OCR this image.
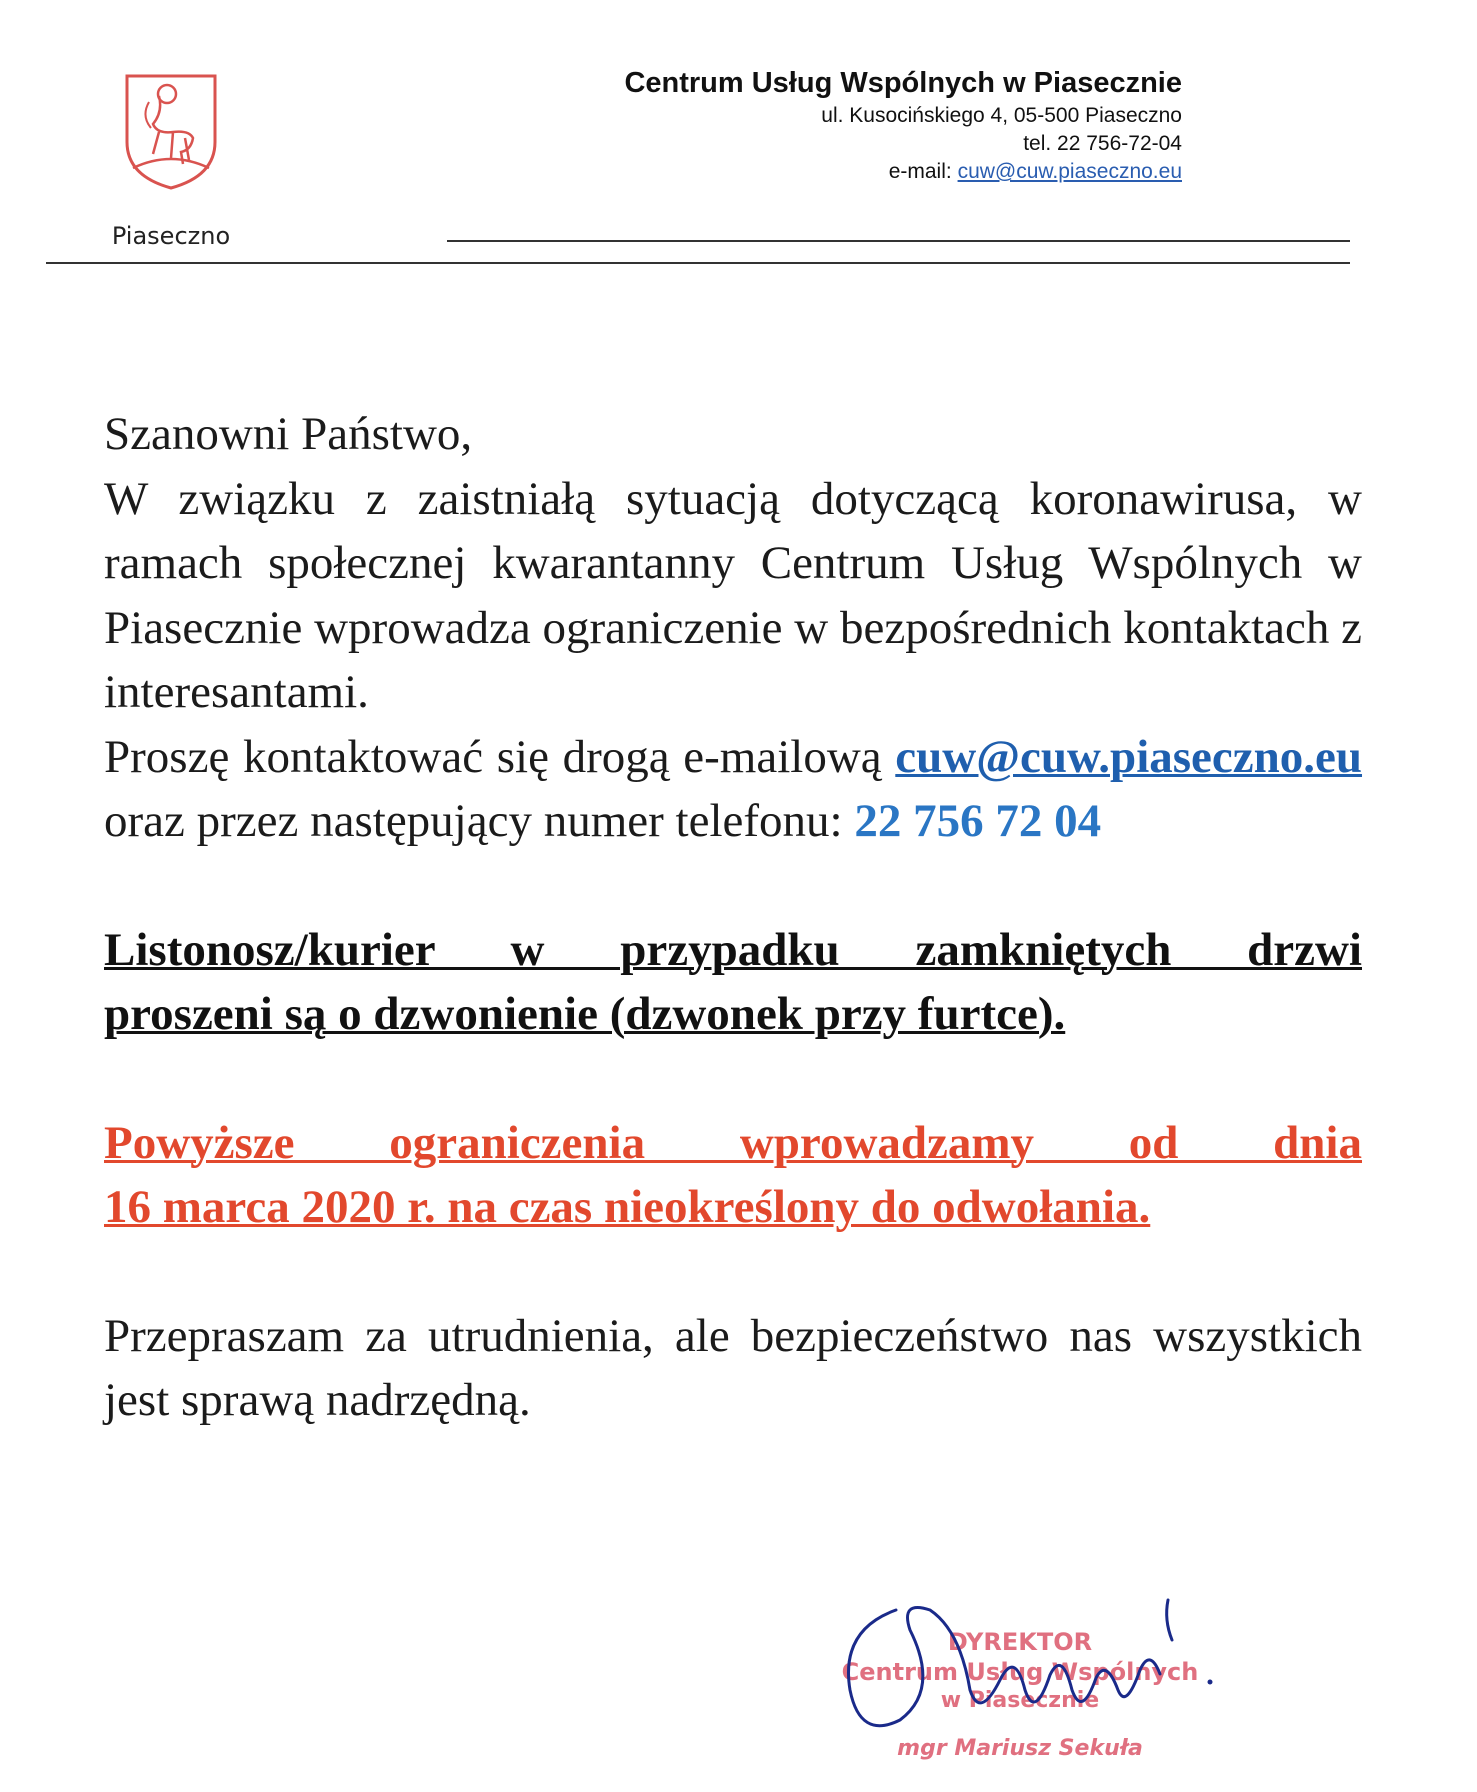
Piaseczno
Centrum Usług Wspólnych w Piasecznie
ul. Kusocińskiego 4, 05-500 Piaseczno
tel. 22 756-72-04
e-mail: cuw@cuw.piaseczno.eu

Szanowni Państwo,

W związku z zaistniałą sytuacją dotyczącą koronawirusa, w ramach społecznej kwarantanny Centrum Usług Wspólnych w Piasecznie wprowadza ograniczenie w bezpośrednich kontaktach z interesantami.

Proszę kontaktować się drogą e-mailową cuw@cuw.piaseczno.eu oraz przez następujący numer telefonu: 22 756 72 04

Listonosz/kurier w przypadku zamkniętych drzwi

proszeni są o dzwonienie (dzwonek przy furtce).

Powyższe ograniczenia wprowadzamy od dnia

16 marca 2020 r. na czas nieokreślony do odwołania.

Przepraszam za utrudnienia, ale bezpieczeństwo nas wszystkich jest sprawą nadrzędną.

DYREKTOR
Centrum Usług Wspólnych
w Piasecznie
mgr Mariusz Sekuła
